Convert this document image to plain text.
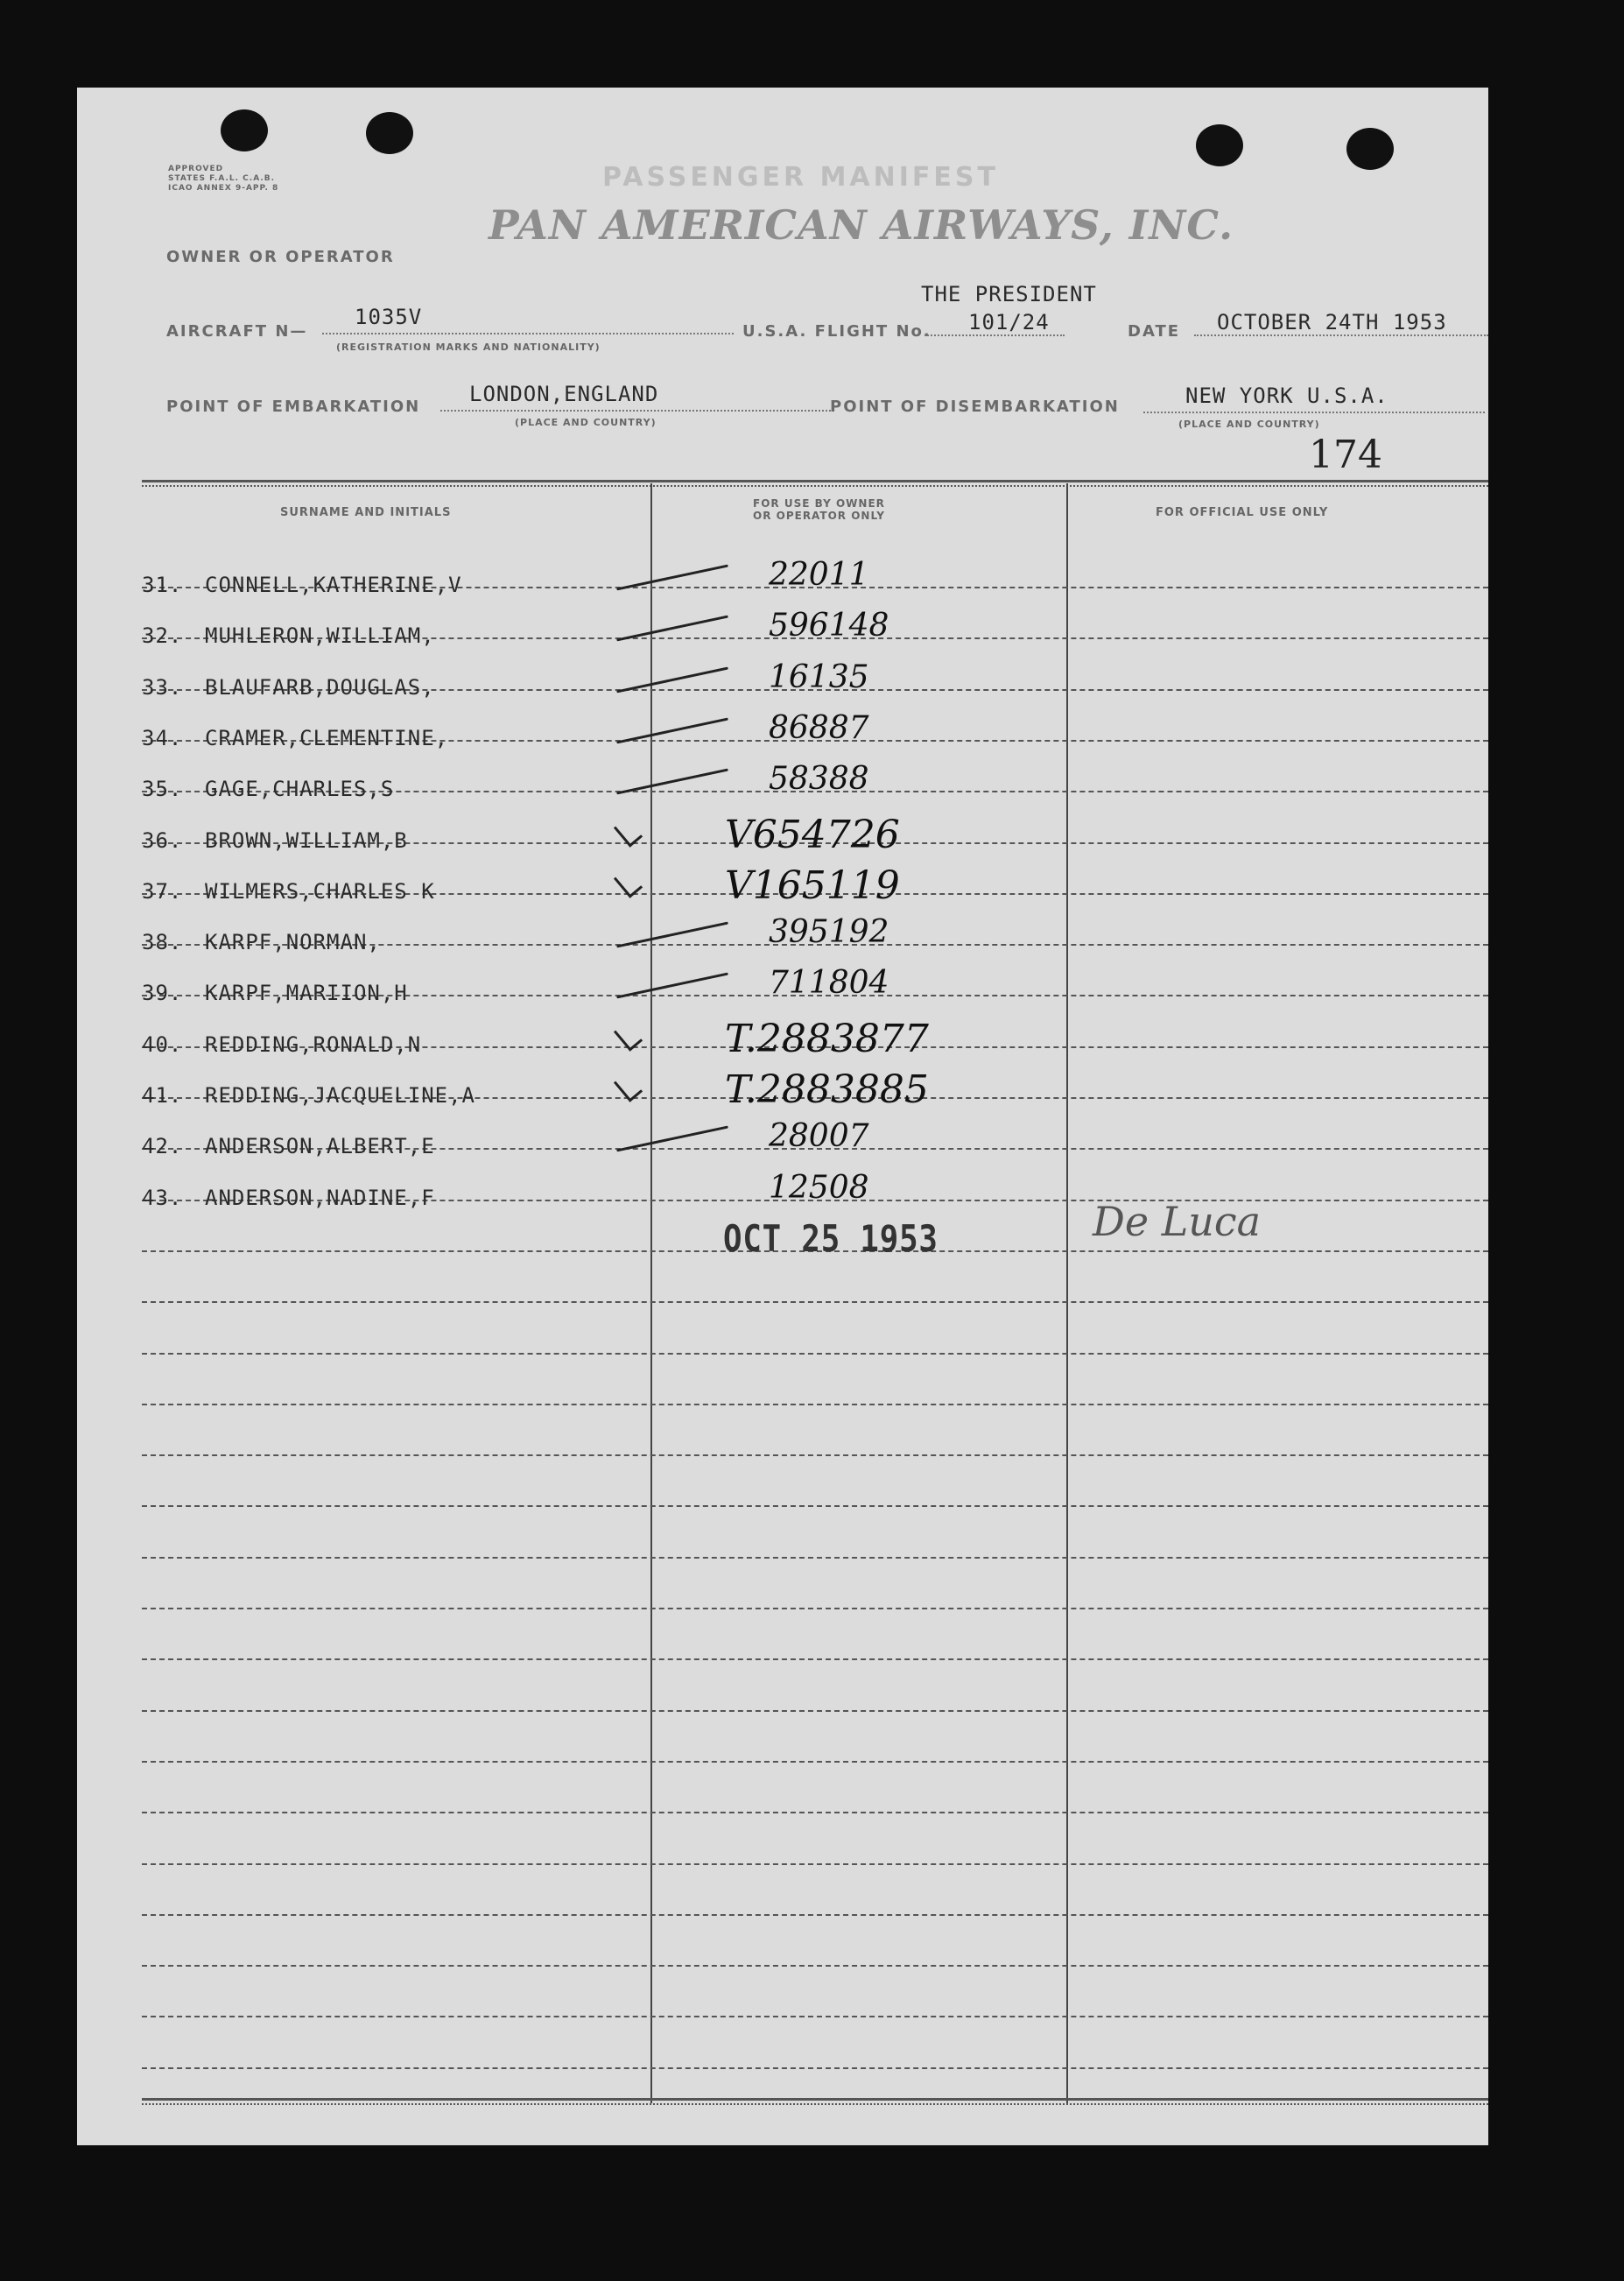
APPROVED
STATES F.A.L. C.A.B.
ICAO ANNEX 9-APP. 8	PASSENGER MANIFEST
PAN AMERICAN AIRWAYS, INC.
OWNER OR OPERATOR
AIRCRAFT N—
1035V
(REGISTRATION MARKS AND NATIONALITY)
U.S.A. FLIGHT No.
THE PRESIDENT
101/24	DATE OCTOBER 24TH 1953
POINT OF EMBARKATION
LONDON,ENGLAND
(PLACE AND COUNTRY)
POINT OF DISEMBARKATION	NEW YORK U.S.A.
(PLACE AND COUNTRY)
174
SURNAME AND INITIALS
FOR USE BY OWNER
OR OPERATOR ONLY	FOR OFFICIAL USE ONLY
31. CONNELL,KATHERINE,V	22011
32. MUHLERON,WILLIAM,	596148
33. BLAUFARB,DOUGLAS,	16135
34. CRAMER,CLEMENTINE,	86887
35. GAGE,CHARLES,S	58388
36. BROWN,WILLIAM,B	V654726
37. WILMERS,CHARLES K	V165119
38. KARPF,NORMAN,	395192
39. KARPF,MARIION,H	711804
40. REDDING,RONALD,N	T.2883877
41. REDDING,JACQUELINE,A	T.2883885
42. ANDERSON,ALBERT,E	28007
43. ANDERSON,NADINE,F	12508
OCT 25 1953	De Luca
